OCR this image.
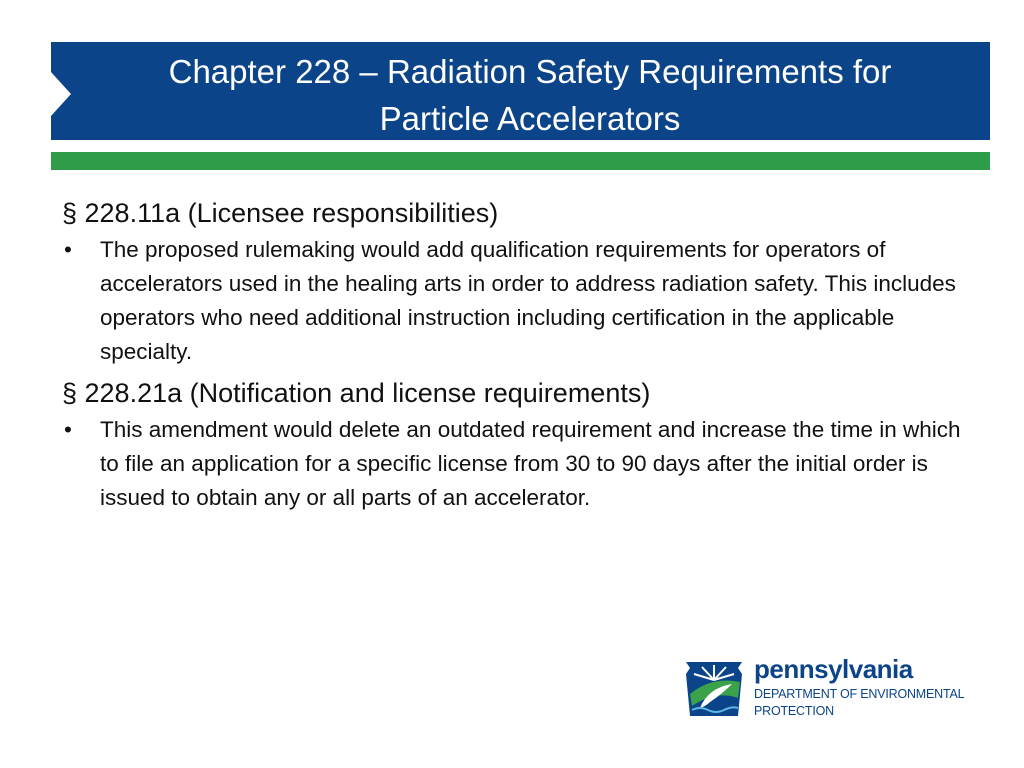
Chapter 228 – Radiation Safety Requirements for
Particle Accelerators

§ 228.11a (Licensee responsibilities)

• The proposed rulemaking would add qualification requirements for operators of accelerators used in the healing arts in order to address radiation safety. This includes operators who need additional instruction including certification in the applicable specialty.

§ 228.21a (Notification and license requirements)

• This amendment would delete an outdated requirement and increase the time in which to file an application for a specific license from 30 to 90 days after the initial order is issued to obtain any or all parts of an accelerator.
pennsylvania
DEPARTMENT OF ENVIRONMENTAL
PROTECTION
